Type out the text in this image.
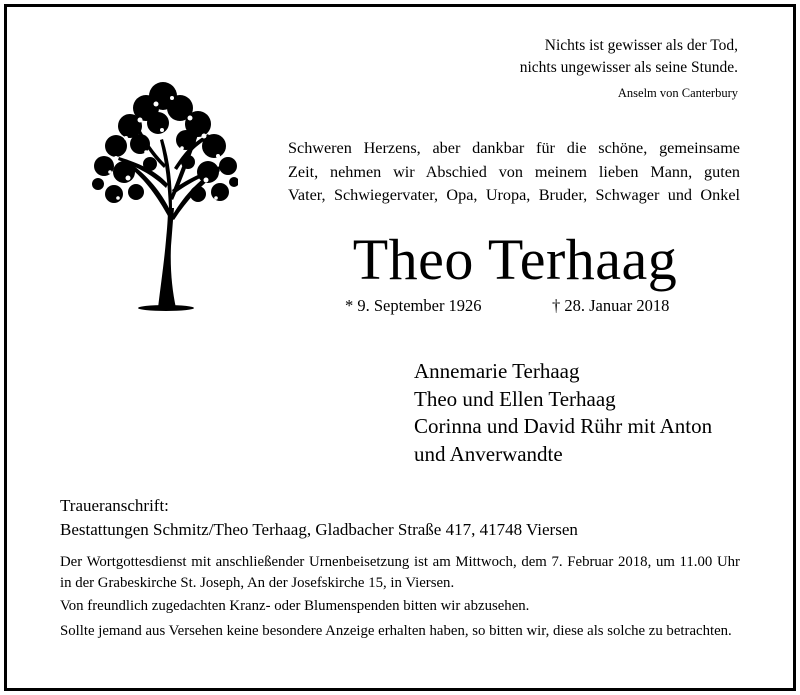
Nichts ist gewisser als der Tod,
nichts ungewisser als seine Stunde.
Anselm von Canterbury
Schweren Herzens, aber dankbar für die schöne, gemeinsame
Zeit, nehmen wir Abschied von meinem lieben Mann, guten
Vater, Schwiegervater, Opa, Uropa, Bruder, Schwager und Onkel
Theo Terhaag
* 9. September 1926	† 28. Januar 2018
Annemarie Terhaag
Theo und Ellen Terhaag
Corinna und David Rühr mit Anton
und Anverwandte
Traueranschrift:
Bestattungen Schmitz/Theo Terhaag, Gladbacher Straße 417, 41748 Viersen
Der Wortgottesdienst mit anschließender Urnenbeisetzung ist am Mittwoch, dem 7. Februar 2018, um 11.00 Uhr in der Grabeskirche St. Joseph, An der Josefskirche 15, in Viersen.
Von freundlich zugedachten Kranz- oder Blumenspenden bitten wir abzusehen.
Sollte jemand aus Versehen keine besondere Anzeige erhalten haben, so bitten wir, diese als solche zu betrachten.
